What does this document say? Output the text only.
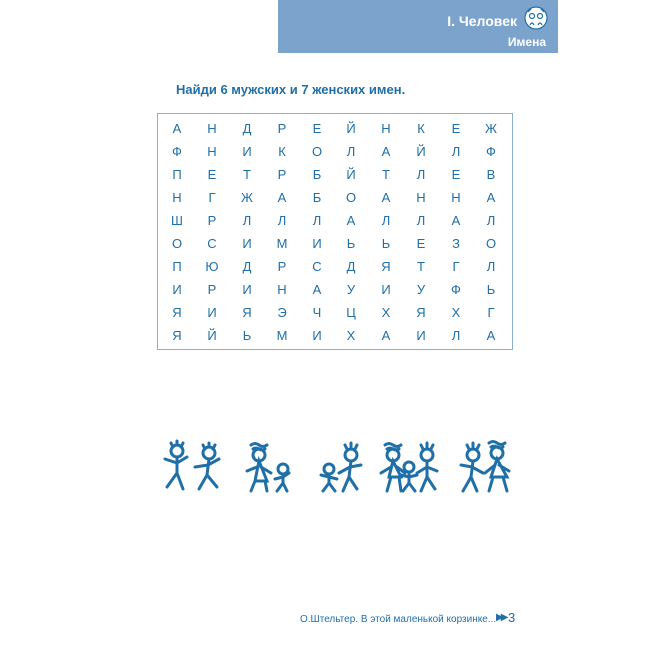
I. Человек
Имена
Найди 6 мужских и 7 женских имен.
А	Н	Д	Р	Е	Й	Н	К	Е	Ж
Ф	Н	И	К	О	Л	А	Й	Л	Ф
П	Е	Т	Р	Б	Й	Т	Л	Е	В
Н	Г	Ж	А	Б	О	А	Н	Н	А
Ш	Р	Л	Л	Л	А	Л	Л	А	Л
О	С	И	М	И	Ь	Ь	Е	З	О
П	Ю	Д	Р	С	Д	Я	Т	Г	Л
И	Р	И	Н	А	У	И	У	Ф	Ь
Я	И	Я	Э	Ч	Ц	Х	Я	Х	Г
Я	Й	Ь	М	И	Х	А	И	Л	А
О.Штельтер. В этой маленькой корзинке... ▶▶ 3
